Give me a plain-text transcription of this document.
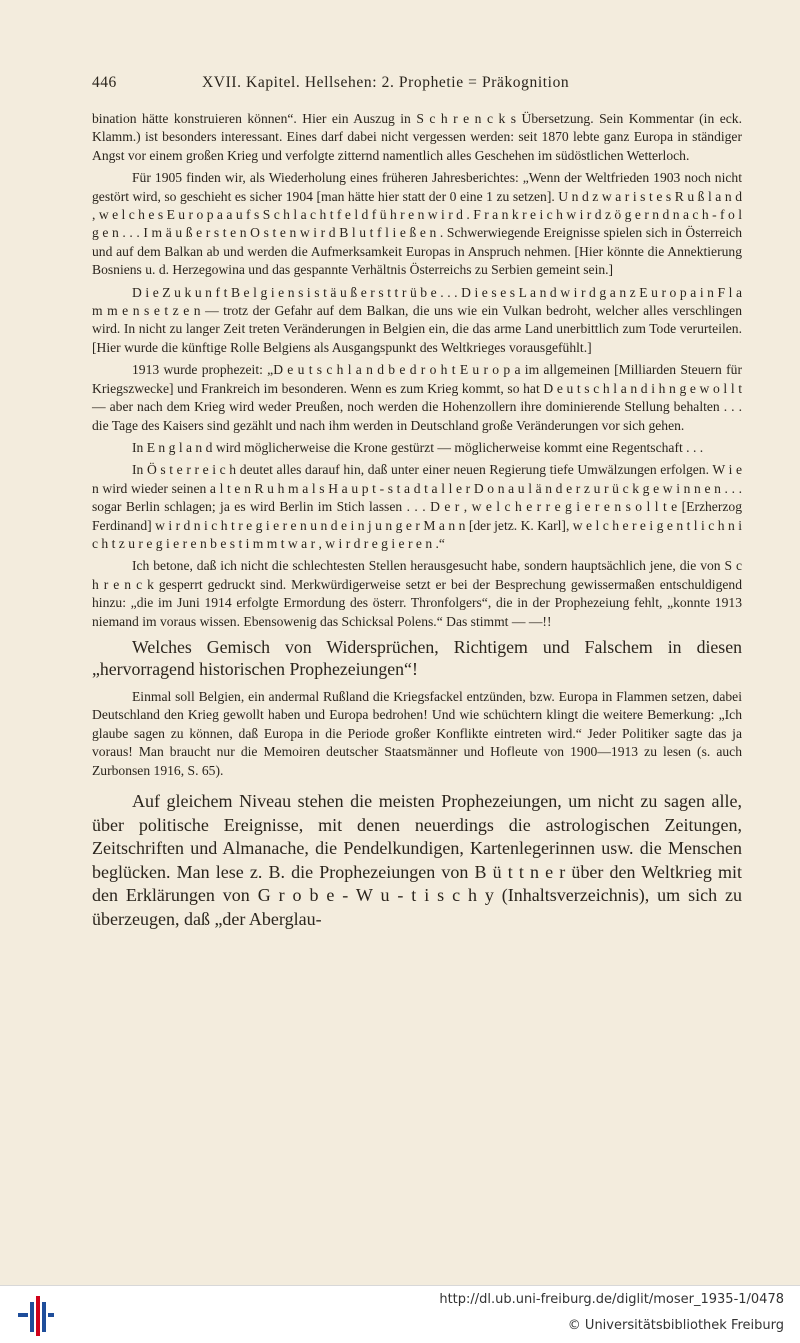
446	XVII. Kapitel. Hellsehen: 2. Prophetie = Präkognition

bination hätte konstruieren können“. Hier ein Auszug in S c h r e n c k s Übersetzung. Sein Kommentar (in eck. Klamm.) ist besonders interessant. Eines darf dabei nicht vergessen werden: seit 1870 lebte ganz Europa in ständiger Angst vor einem großen Krieg und verfolgte zitternd namentlich alles Geschehen im südöstlichen Wetterloch.

Für 1905 finden wir, als Wiederholung eines früheren Jahresberichtes: „Wenn der Weltfrieden 1903 noch nicht gestört wird, so geschieht es sicher 1904 [man hätte hier statt der 0 eine 1 zu setzen]. U n d z w a r i s t e s R u ß l a n d , w e l c h e s E u r o p a a u f s S c h l a c h t f e l d f ü h r e n w i r d . F r a n k r e i c h w i r d z ö g e r n d n a c h - f o l g e n . . . I m ä u ß e r s t e n O s t e n w i r d B l u t f l i e ß e n . Schwerwiegende Ereignisse spielen sich in Österreich und auf dem Balkan ab und werden die Aufmerksamkeit Europas in Anspruch nehmen. [Hier könnte die Annektierung Bosniens u. d. Herzegowina und das gespannte Verhältnis Österreichs zu Serbien gemeint sein.]

D i e Z u k u n f t B e l g i e n s i s t ä u ß e r s t t r ü b e . . . D i e s e s L a n d w i r d g a n z E u r o p a i n F l a m m e n s e t z e n — trotz der Gefahr auf dem Balkan, die uns wie ein Vulkan bedroht, welcher alles verschlingen wird. In nicht zu langer Zeit treten Veränderungen in Belgien ein, die das arme Land unerbittlich zum Tode verurteilen. [Hier wurde die künftige Rolle Belgiens als Ausgangspunkt des Weltkrieges vorausgefühlt.]

1913 wurde prophezeit: „D e u t s c h l a n d b e d r o h t E u r o p a im allgemeinen [Milliarden Steuern für Kriegszwecke] und Frankreich im besonderen. Wenn es zum Krieg kommt, so hat D e u t s c h l a n d i h n g e w o l l t — aber nach dem Krieg wird weder Preußen, noch werden die Hohenzollern ihre dominierende Stellung behalten . . . die Tage des Kaisers sind gezählt und nach ihm werden in Deutschland große Veränderungen vor sich gehen.

In E n g l a n d wird möglicherweise die Krone gestürzt — möglicherweise kommt eine Regentschaft . . .

In Ö s t e r r e i c h deutet alles darauf hin, daß unter einer neuen Regierung tiefe Umwälzungen erfolgen. W i e n wird wieder seinen a l t e n R u h m a l s H a u p t - s t a d t a l l e r D o n a u l ä n d e r z u r ü c k g e w i n n e n . . . sogar Berlin schlagen; ja es wird Berlin im Stich lassen . . . D e r , w e l c h e r r e g i e r e n s o l l t e [Erzherzog Ferdinand] w i r d n i c h t r e g i e r e n u n d e i n j u n g e r M a n n [der jetz. K. Karl], w e l c h e r e i g e n t l i c h n i c h t z u r e g i e r e n b e s t i m m t w a r , w i r d r e g i e r e n .“

Ich betone, daß ich nicht die schlechtesten Stellen herausgesucht habe, sondern hauptsächlich jene, die von S c h r e n c k gesperrt gedruckt sind. Merkwürdigerweise setzt er bei der Besprechung gewissermaßen entschuldigend hinzu: „die im Juni 1914 erfolgte Ermordung des österr. Thronfolgers“, die in der Prophezeiung fehlt, „konnte 1913 niemand im voraus wissen. Ebensowenig das Schicksal Polens.“ Das stimmt — —!!

Welches Gemisch von Widersprüchen, Richtigem und Falschem in diesen „hervorragend historischen Prophezeiungen“!

Einmal soll Belgien, ein andermal Rußland die Kriegsfackel entzünden, bzw. Europa in Flammen setzen, dabei Deutschland den Krieg gewollt haben und Europa bedrohen! Und wie schüchtern klingt die weitere Bemerkung: „Ich glaube sagen zu können, daß Europa in die Periode großer Konflikte eintreten wird.“ Jeder Politiker sagte das ja voraus! Man braucht nur die Memoiren deutscher Staatsmänner und Hofleute von 1900—1913 zu lesen (s. auch Zurbonsen 1916, S. 65).

Auf gleichem Niveau stehen die meisten Prophezeiungen, um nicht zu sagen alle, über politische Ereignisse, mit denen neuerdings die astrologischen Zeitungen, Zeitschriften und Almanache, die Pendelkundigen, Kartenlegerinnen usw. die Menschen beglücken. Man lese z. B. die Prophezeiungen von B ü t t n e r über den Weltkrieg mit den Erklärungen von G r o b e - W u - t i s c h y (Inhaltsverzeichnis), um sich zu überzeugen, daß „der Aberglau-
http://dl.ub.uni-freiburg.de/diglit/moser_1935-1/0478
© Universitätsbibliothek Freiburg
